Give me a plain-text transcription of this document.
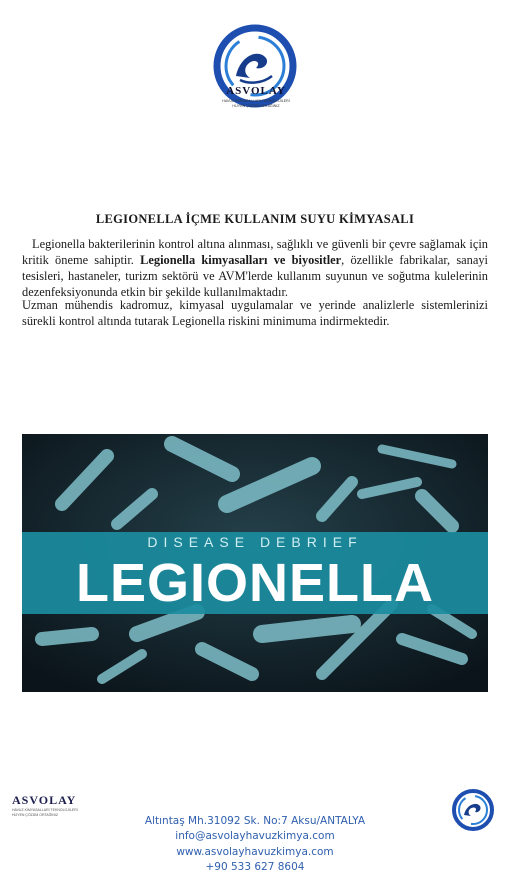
ASVOLAY
HAVUZ KİMYASALLARI TEKNOLOJİLERİ
HİJYEN ÇÖZÜM ORTAĞINIZ
LEGIONELLA İÇME KULLANIM SUYU KİMYASALI

Legionella bakterilerinin kontrol altına alınması, sağlıklı ve güvenli bir çevre sağlamak için kritik öneme sahiptir. Legionella kimyasalları ve biyositler, özellikle fabrikalar, sanayi tesisleri, hastaneler, turizm sektörü ve AVM'lerde kullanım suyunun ve soğutma kulelerinin dezenfeksiyonunda etkin bir şekilde kullanılmaktadır.

Uzman mühendis kadromuz, kimyasal uygulamalar ve yerinde analizlerle sistemlerinizi sürekli kontrol altında tutarak Legionella riskini minimuma indirmektedir.

DISEASE DEBRIEF
LEGIONELLA
ASVOLAY
HAVUZ KİMYASALLARI TEKNOLOJİLERİ
HİJYEN ÇÖZÜM ORTAĞINIZ	Altıntaş Mh.31092 Sk. No:7 Aksu/ANTALYA
info@asvolayhavuzkimya.com
www.asvolayhavuzkimya.com
+90 533 627 8604
